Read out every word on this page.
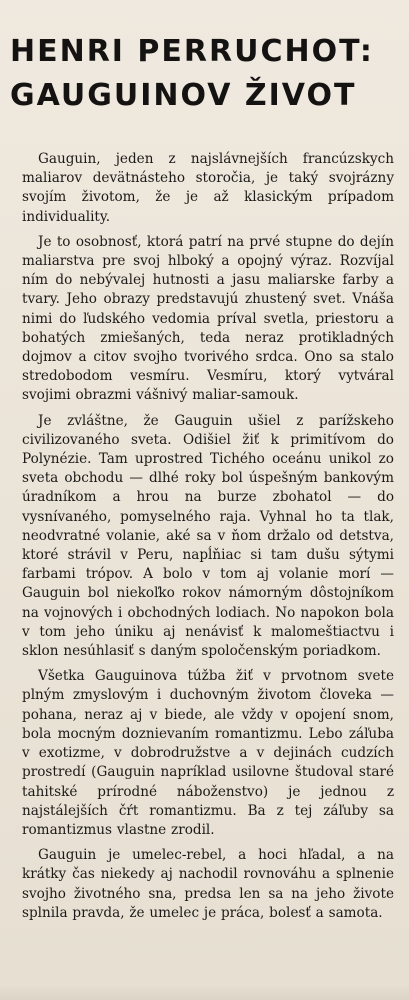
HENRI PERRUCHOT:
GAUGUINOV ŽIVOT

Gauguin, jeden z najslávnejších francúzskych maliarov devätnásteho storočia, je taký svojrázny svojím životom, že je až klasickým prípadom individuality.

Je to osobnosť, ktorá patrí na prvé stupne do dejín maliarstva pre svoj hlboký a opojný výraz. Rozvíjal ním do nebývalej hutnosti a jasu maliarske farby a tvary. Jeho obrazy predstavujú zhustený svet. Vnáša nimi do ľudského vedomia príval svetla, priestoru a bohatých zmiešaných, teda neraz protikladných dojmov a citov svojho tvorivého srdca. Ono sa stalo stredobodom vesmíru. Vesmíru, ktorý vytváral svojimi obrazmi vášnivý maliar-samouk.

Je zvláštne, že Gauguin ušiel z parížskeho civilizovaného sveta. Odišiel žiť k primitívom do Polynézie. Tam uprostred Tichého oceánu unikol zo sveta obchodu — dlhé roky bol úspešným bankovým úradníkom a hrou na burze zbohatol — do vysnívaného, pomyselného raja. Vyhnal ho ta tlak, neodvratné volanie, aké sa v ňom držalo od detstva, ktoré strávil v Peru, napĺňiac si tam dušu sýtymi farbami trópov. A bolo v tom aj volanie morí — Gauguin bol niekoľko rokov námorným dôstojníkom na vojnových i obchodných lodiach. No napokon bola v tom jeho úniku aj nenávisť k malomeštiactvu i sklon nesúhlasiť s daným spoločenským poriadkom.

Všetka Gauguinova túžba žiť v prvotnom svete plným zmyslovým i duchovným životom človeka — pohana, neraz aj v biede, ale vždy v opojení snom, bola mocným doznievaním romantizmu. Lebo záľuba v exotizme, v dobrodružstve a v dejinách cudzích prostredí (Gauguin napríklad usilovne študoval staré tahitské prírodné náboženstvo) je jednou z najstálejších čŕt romantizmu. Ba z tej záľuby sa romantizmus vlastne zrodil.

Gauguin je umelec-rebel, a hoci hľadal, a na krátky čas niekedy aj nachodil rovnováhu a splnenie svojho životného sna, predsa len sa na jeho živote splnila pravda, že umelec je práca, bolesť a samota.
